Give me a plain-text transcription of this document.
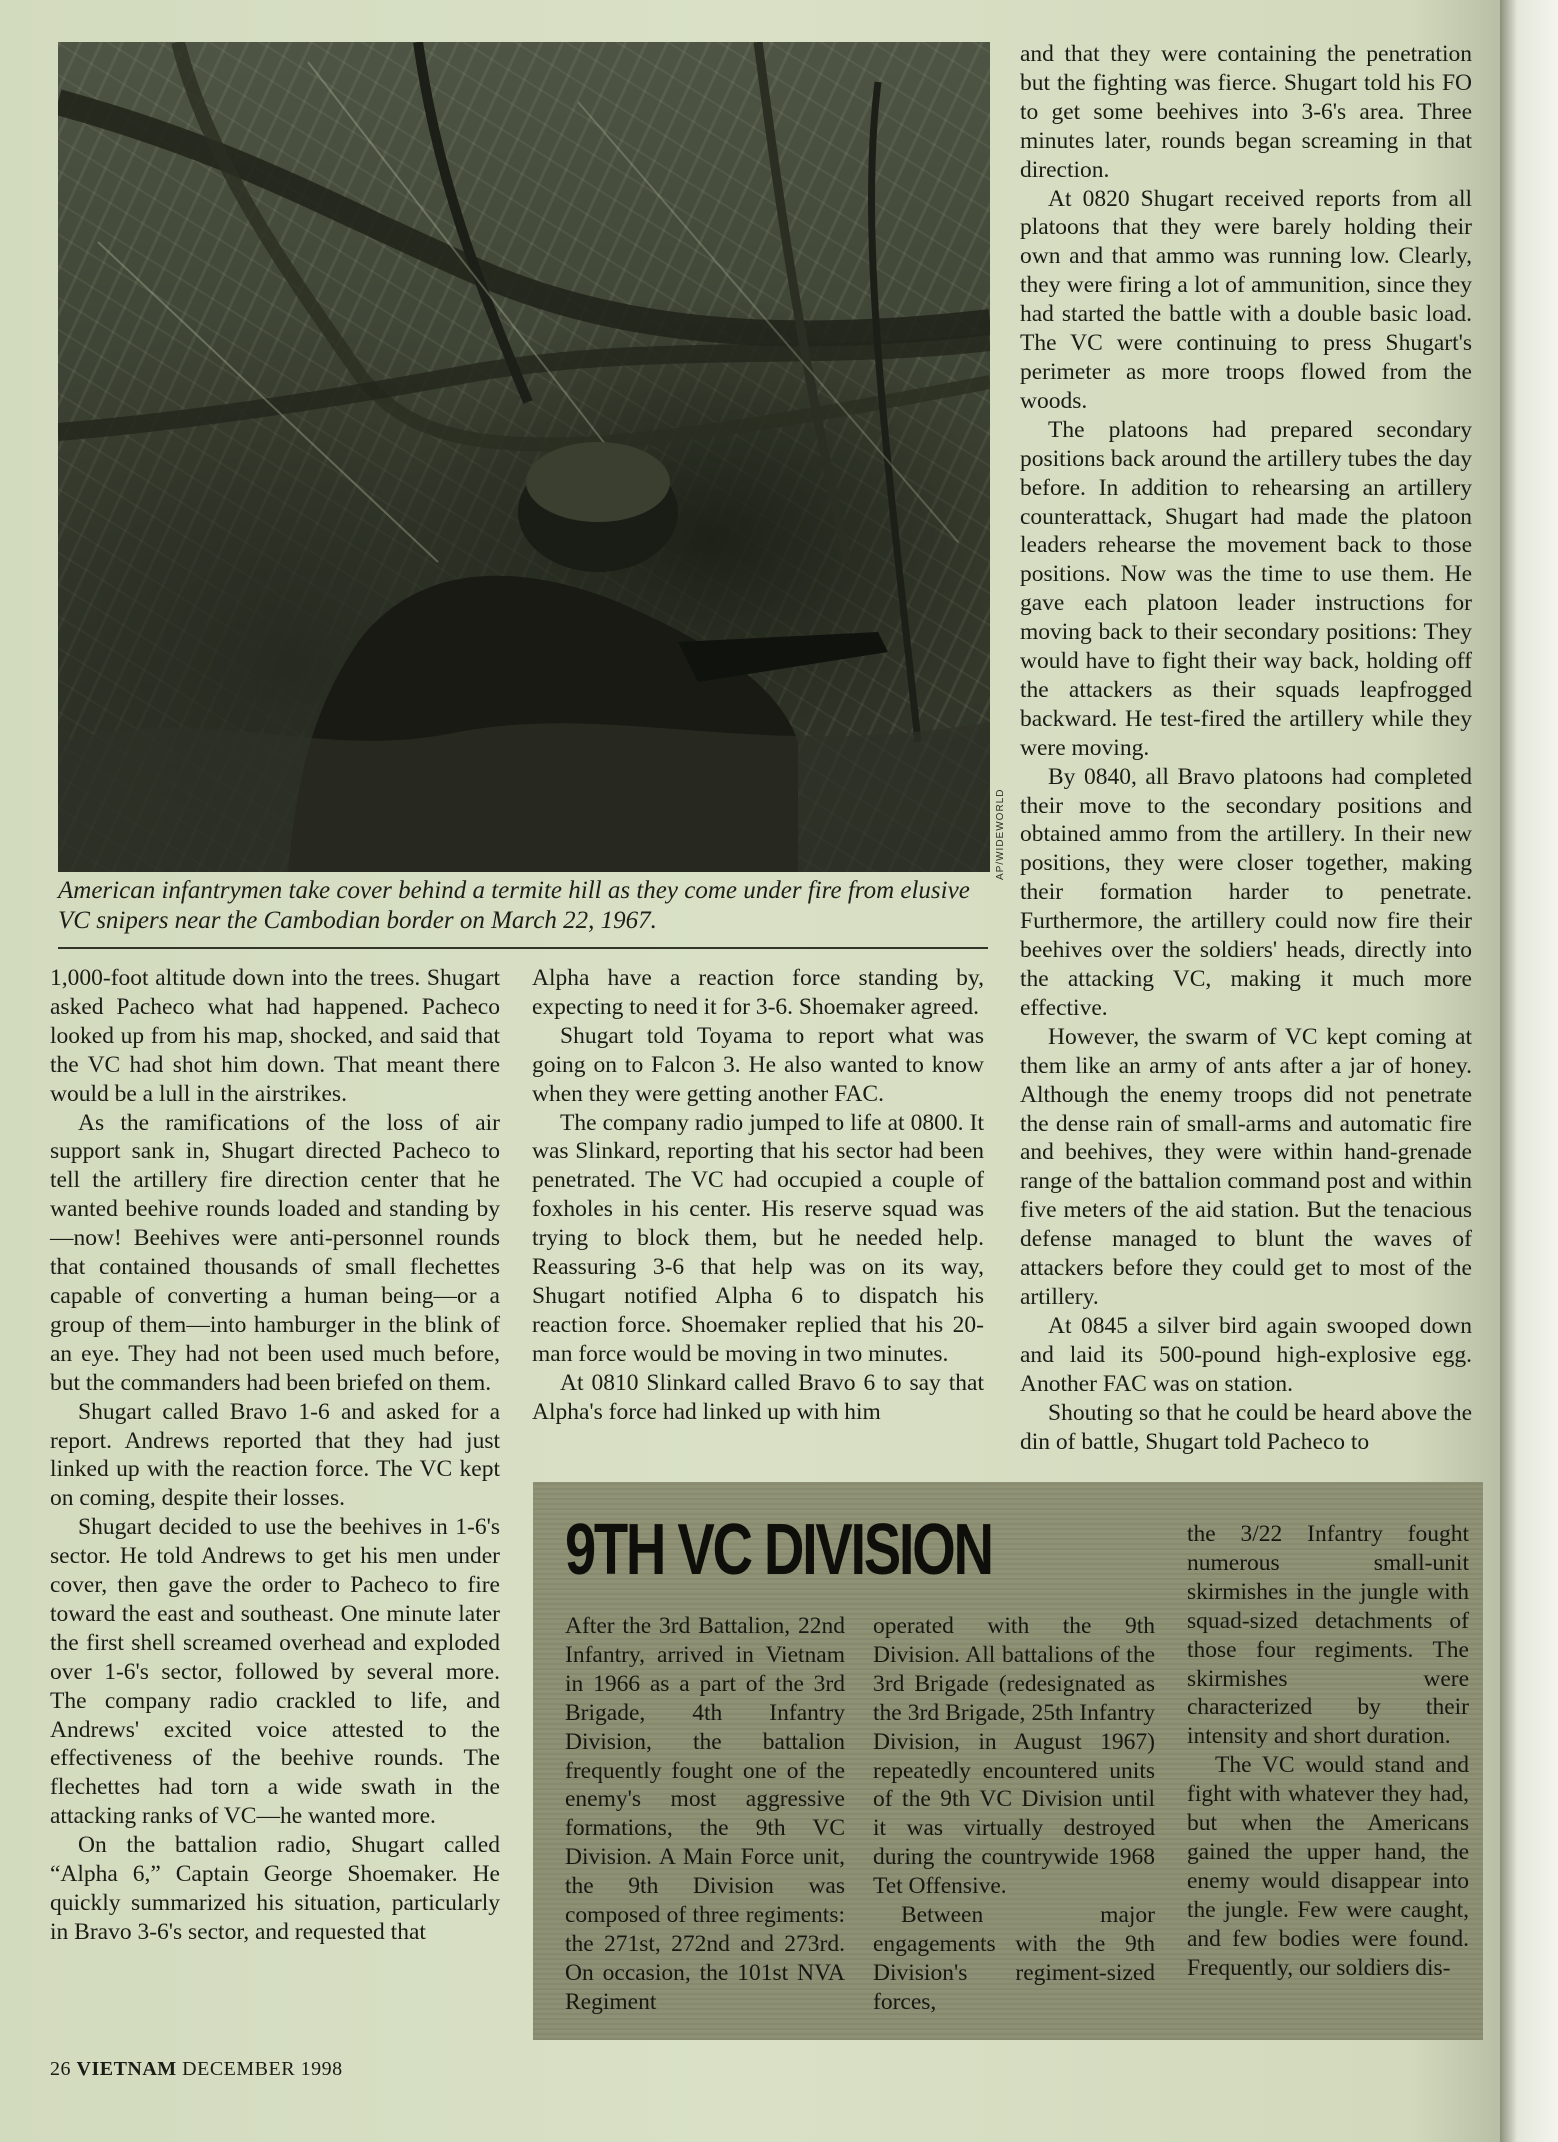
AP/WIDEWORLD
American infantrymen take cover behind a termite hill as they come under fire from elusive VC snipers near the Cambodian border on March 22, 1967.

and that they were containing the penetration but the fighting was fierce. Shugart told his FO to get some beehives into 3-6's area. Three minutes later, rounds began screaming in that direction.

At 0820 Shugart received reports from all platoons that they were barely holding their own and that ammo was running low. Clearly, they were firing a lot of ammunition, since they had started the battle with a double basic load. The VC were continuing to press Shugart's perimeter as more troops flowed from the woods.

The platoons had prepared secondary positions back around the artillery tubes the day before. In addition to rehearsing an artillery counterattack, Shugart had made the platoon leaders rehearse the movement back to those positions. Now was the time to use them. He gave each platoon leader instructions for moving back to their secondary positions: They would have to fight their way back, holding off the attackers as their squads leapfrogged backward. He test-fired the artillery while they were moving.

By 0840, all Bravo platoons had completed their move to the secondary positions and obtained ammo from the artillery. In their new positions, they were closer together, making their formation harder to penetrate. Furthermore, the artillery could now fire their beehives over the soldiers' heads, directly into the attacking VC, making it much more effective.

However, the swarm of VC kept coming at them like an army of ants after a jar of honey. Although the enemy troops did not penetrate the dense rain of small-arms and automatic fire and beehives, they were within hand-grenade range of the battalion command post and within five meters of the aid station. But the tenacious defense managed to blunt the waves of attackers before they could get to most of the artillery.

At 0845 a silver bird again swooped down and laid its 500-pound high-explosive egg. Another FAC was on station.

Shouting so that he could be heard above the din of battle, Shugart told Pacheco to

1,000-foot altitude down into the trees. Shugart asked Pacheco what had happened. Pacheco looked up from his map, shocked, and said that the VC had shot him down. That meant there would be a lull in the airstrikes.

As the ramifications of the loss of air support sank in, Shugart directed Pacheco to tell the artillery fire direction center that he wanted beehive rounds loaded and standing by—now! Beehives were anti-personnel rounds that contained thousands of small flechettes capable of converting a human being—or a group of them—into hamburger in the blink of an eye. They had not been used much before, but the commanders had been briefed on them.

Shugart called Bravo 1-6 and asked for a report. Andrews reported that they had just linked up with the reaction force. The VC kept on coming, despite their losses.

Shugart decided to use the beehives in 1-6's sector. He told Andrews to get his men under cover, then gave the order to Pacheco to fire toward the east and southeast. One minute later the first shell screamed overhead and exploded over 1-6's sector, followed by several more. The company radio crackled to life, and Andrews' excited voice attested to the effectiveness of the beehive rounds. The flechettes had torn a wide swath in the attacking ranks of VC—he wanted more.

On the battalion radio, Shugart called “Alpha 6,” Captain George Shoemaker. He quickly summarized his situation, particularly in Bravo 3-6's sector, and requested that

Alpha have a reaction force standing by, expecting to need it for 3-6. Shoemaker agreed.

Shugart told Toyama to report what was going on to Falcon 3. He also wanted to know when they were getting another FAC.

The company radio jumped to life at 0800. It was Slinkard, reporting that his sector had been penetrated. The VC had occupied a couple of foxholes in his center. His reserve squad was trying to block them, but he needed help. Reassuring 3-6 that help was on its way, Shugart notified Alpha 6 to dispatch his reaction force. Shoemaker replied that his 20-man force would be moving in two minutes.

At 0810 Slinkard called Bravo 6 to say that Alpha's force had linked up with him

9TH VC DIVISION

After the 3rd Battalion, 22nd Infantry, arrived in Vietnam in 1966 as a part of the 3rd Brigade, 4th Infantry Division, the battalion frequently fought one of the enemy's most aggressive formations, the 9th VC Division. A Main Force unit, the 9th Division was composed of three regiments: the 271st, 272nd and 273rd. On occasion, the 101st NVA Regiment

operated with the 9th Division. All battalions of the 3rd Brigade (redesignated as the 3rd Brigade, 25th Infantry Division, in August 1967) repeatedly encountered units of the 9th VC Division until it was virtually destroyed during the countrywide 1968 Tet Offensive.

Between major engagements with the 9th Division's regiment-sized forces,

the 3/22 Infantry fought numerous small-unit skirmishes in the jungle with squad-sized detachments of those four regiments. The skirmishes were characterized by their intensity and short duration.

The VC would stand and fight with whatever they had, but when the Americans gained the upper hand, the enemy would disappear into the jungle. Few were caught, and few bodies were found. Frequently, our soldiers dis-

26 VIETNAM DECEMBER 1998
